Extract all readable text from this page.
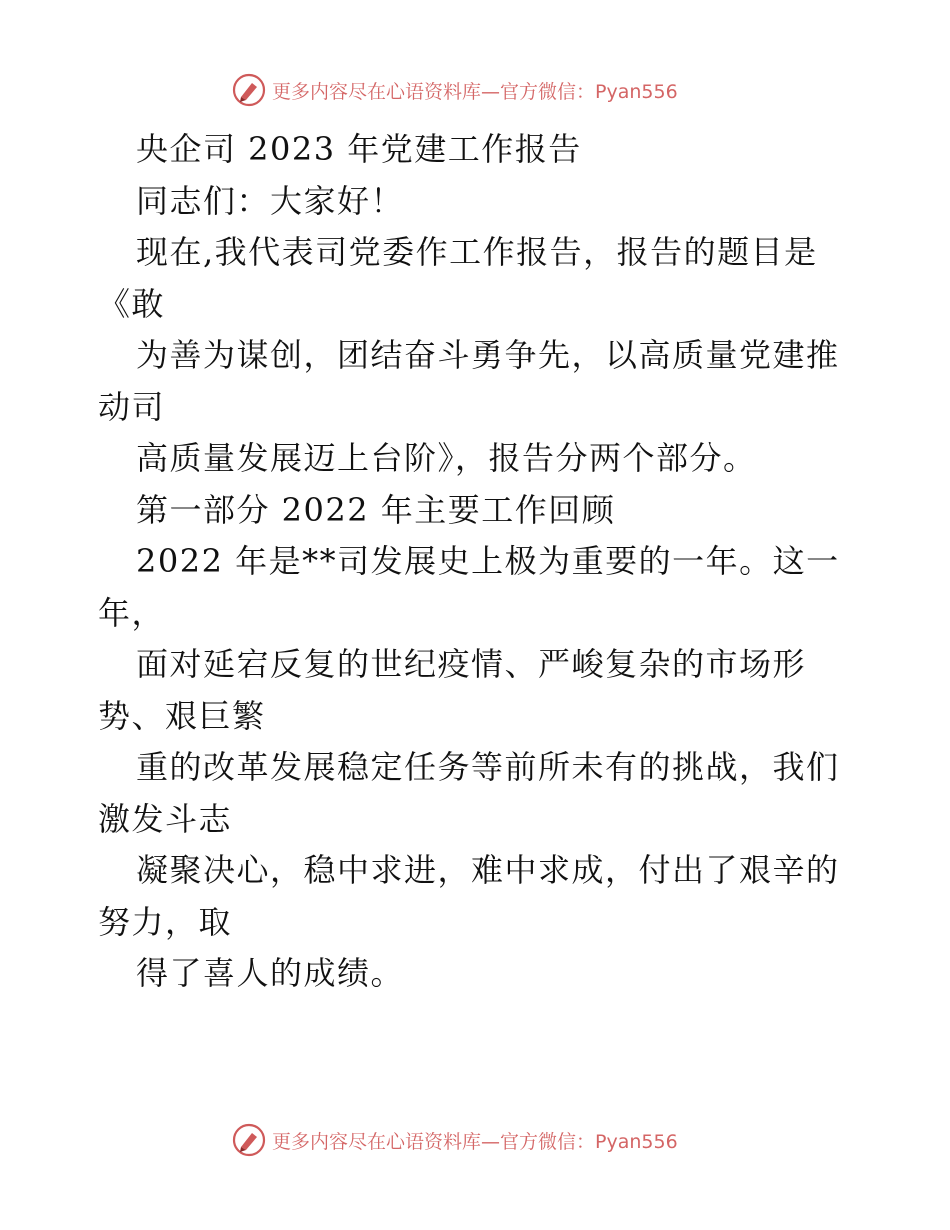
更多内容尽在心语资料库—官方微信：Pyan556
央企司 2023 年党建工作报告
同志们：大家好！
现在,我代表司党委作工作报告，报告的题目是
《敢
为善为谋创，团结奋斗勇争先，以高质量党建推
动司
高质量发展迈上台阶》，报告分两个部分。
第一部分 2022 年主要工作回顾
2022 年是**司发展史上极为重要的一年。这一
年，
面对延宕反复的世纪疫情、严峻复杂的市场形
势、艰巨繁
重的改革发展稳定任务等前所未有的挑战，我们
激发斗志
凝聚决心，稳中求进，难中求成，付出了艰辛的
努力，取
得了喜人的成绩。
更多内容尽在心语资料库—官方微信：Pyan556
